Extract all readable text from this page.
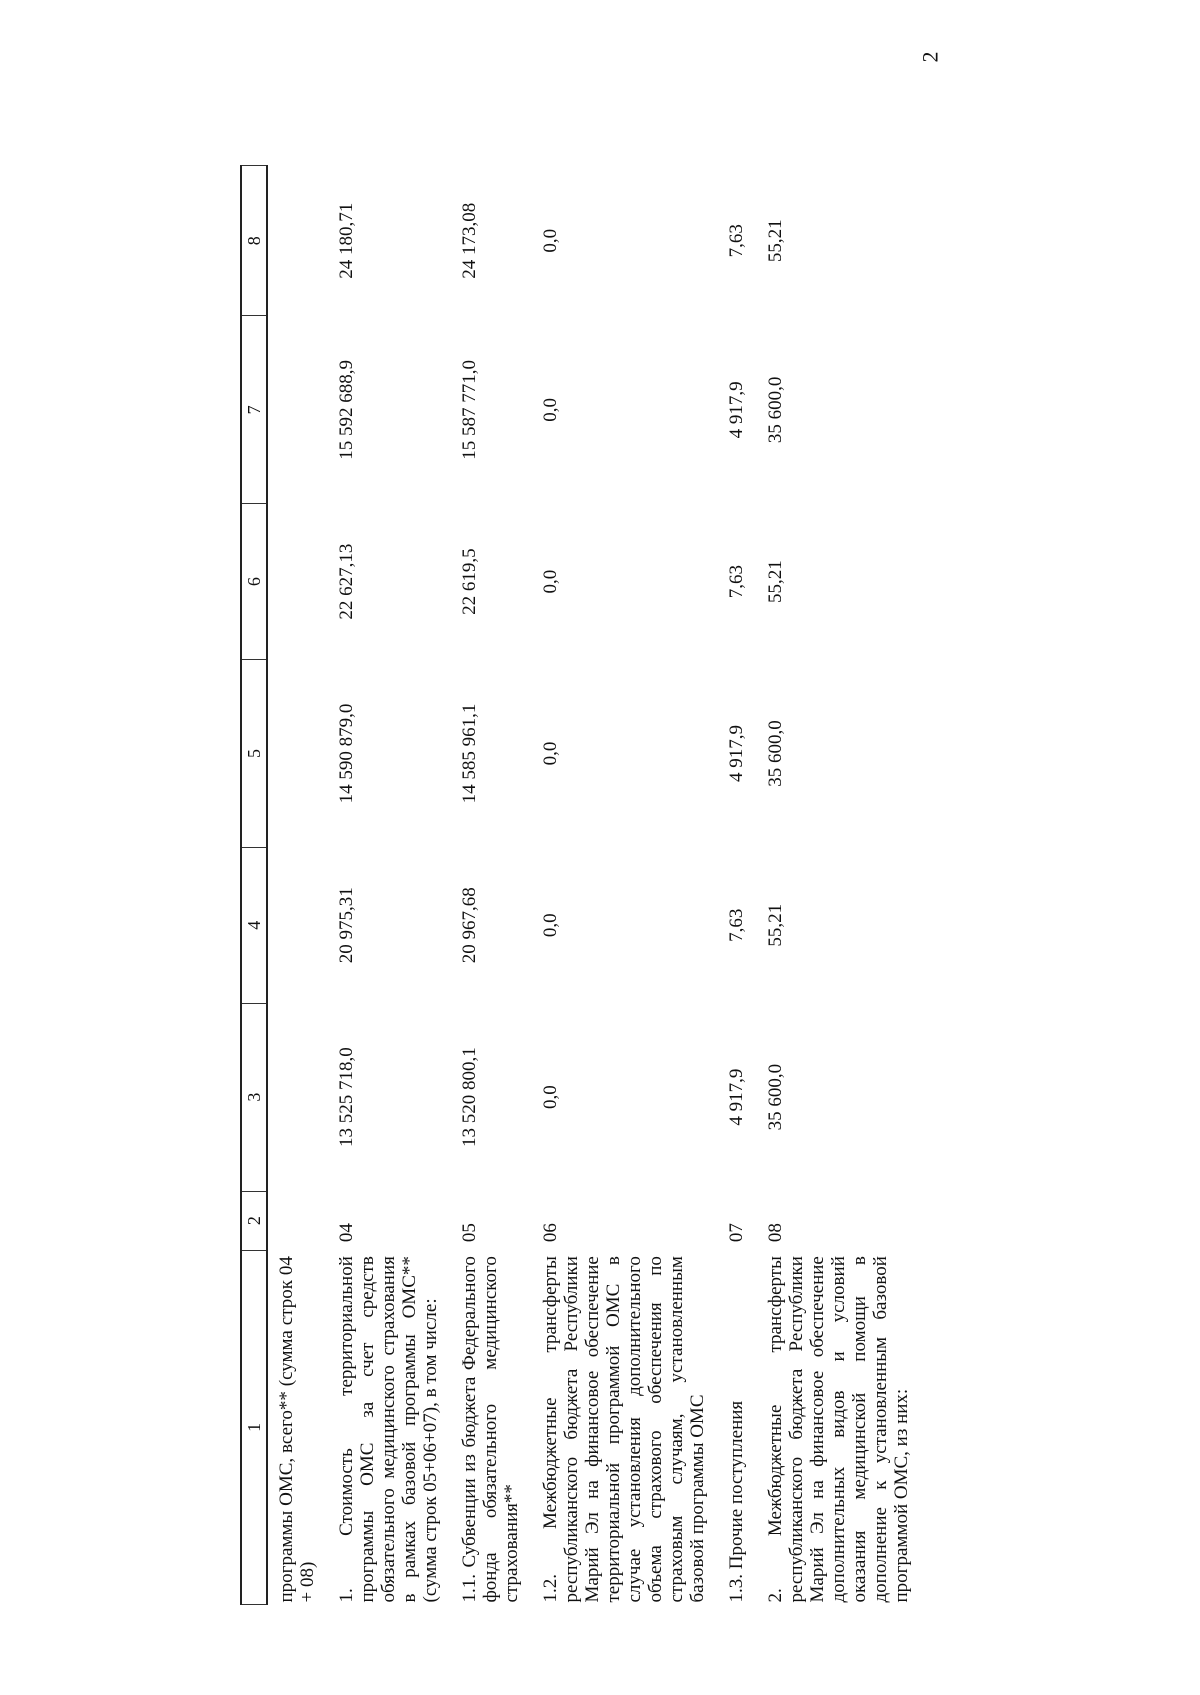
2
1	2	3	4	5	6	7	8
программы ОМС, всего** (сумма строк 04 + 08)							
1. Стоимость территориальной программы ОМС за счет средств обязательного медицинского страхования в рамках базовой программы ОМС** (сумма строк 05+06+07), в том числе:	04	13 525 718,0	20 975,31	14 590 879,0	22 627,13	15 592 688,9	24 180,71
1.1. Субвенции из бюджета Федерального фонда обязательного медицинского страхования**	05	13 520 800,1	20 967,68	14 585 961,1	22 619,5	15 587 771,0	24 173,08
1.2. Межбюджетные трансферты республиканского бюджета Республики Марий Эл на финансовое обеспечение территориальной программой ОМС в случае установления дополнительного объема страхового обеспечения по страховым случаям, установленным базовой программы ОМС	06	0,0	0,0	0,0	0,0	0,0	0,0
1.3. Прочие поступления	07	4 917,9	7,63	4 917,9	7,63	4 917,9	7,63
2. Межбюджетные трансферты республиканского бюджета Республики Марий Эл на финансовое обеспечение дополнительных видов и условий оказания медицинской помощи в дополнение к установленным базовой программой ОМС, из них:	08	35 600,0	55,21	35 600,0	55,21	35 600,0	55,21
